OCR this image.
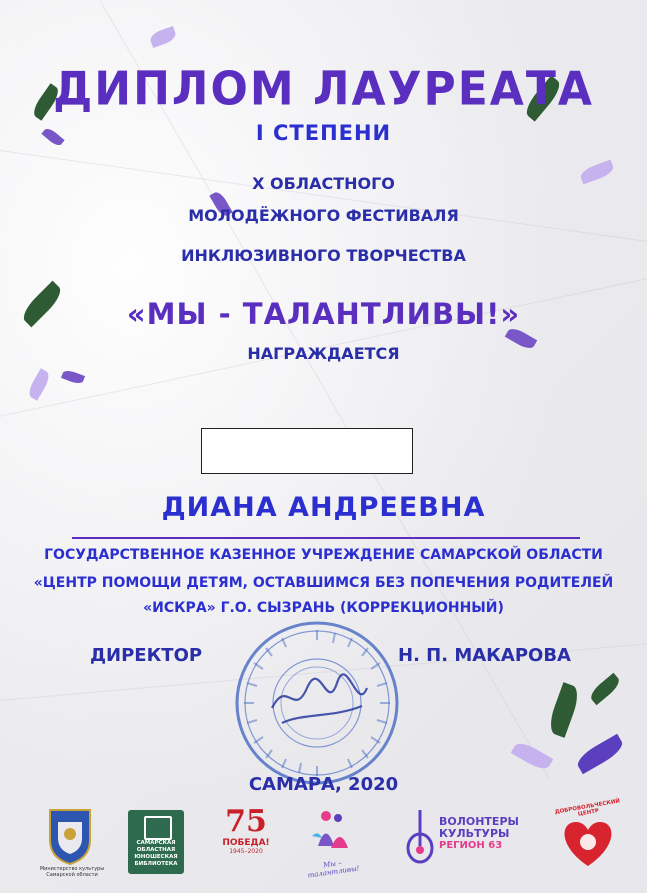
ДИПЛОМ ЛАУРЕАТА
I СТЕПЕНИ
X ОБЛАСТНОГО
МОЛОДЁЖНОГО ФЕСТИВАЛЯ
ИНКЛЮЗИВНОГО ТВОРЧЕСТВА
«МЫ - ТАЛАНТЛИВЫ!»
НАГРАЖДАЕТСЯ
ДИАНА АНДРЕЕВНА
ГОСУДАРСТВЕННОЕ КАЗЕННОЕ УЧРЕЖДЕНИЕ САМАРСКОЙ ОБЛАСТИ
«ЦЕНТР ПОМОЩИ ДЕТЯМ, ОСТАВШИМСЯ БЕЗ ПОПЕЧЕНИЯ РОДИТЕЛЕЙ
«ИСКРА» Г.О. СЫЗРАНЬ (КОРРЕКЦИОННЫЙ)
ДИРЕКТОР	Н. П. МАКАРОВА
САМАРА, 2020
Министерство культуры Самарской области
САМАРСКАЯ
ОБЛАСТНАЯ
ЮНОШЕСКАЯ
БИБЛИОТЕКА
75
ПОБЕДА!
1945–2020
Мы – талантливы!
ВОЛОНТЕРЫ
КУЛЬТУРЫ
РЕГИОН 63
ДОБРОВОЛЬЧЕСКИЙ ЦЕНТР
